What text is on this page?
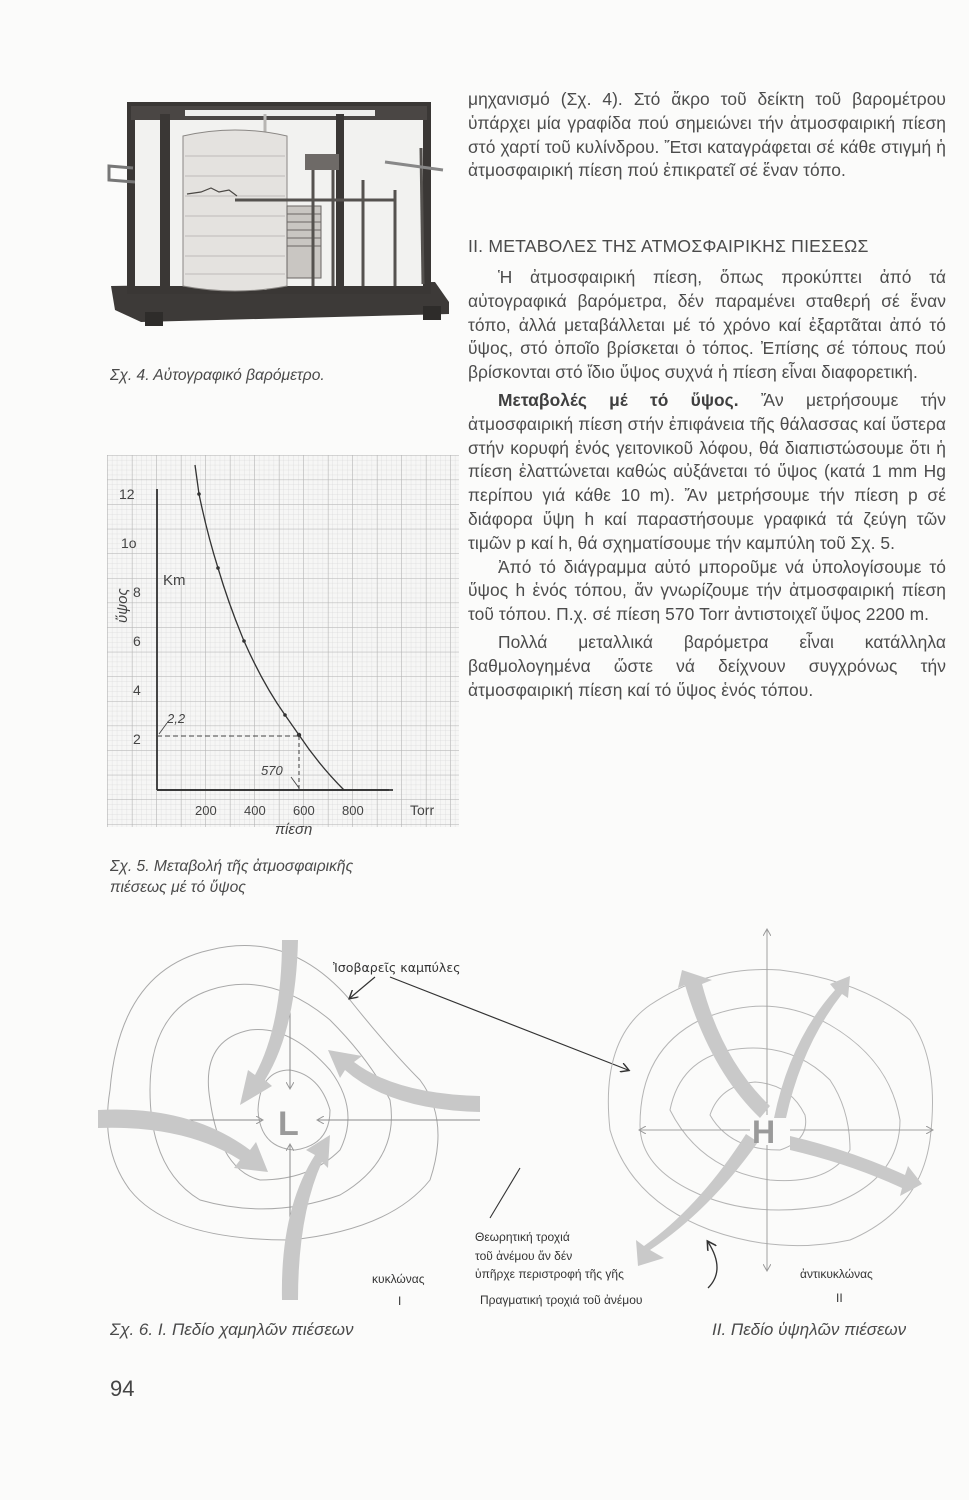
Σχ. 4. Αὐτογραφικό βαρόμετρο.
12
1o
8
6
4
2
Km
ὕψος
2,2
570
200 400 600 800	Torr
πίεση
Σχ. 5. Μεταβολή τῆς ἀτμοσφαιρικῆς
πιέσεως μέ τό ὕψος

μηχανισμό (Σχ. 4). Στό ἄκρο τοῦ δείκτη τοῦ βαρομέτρου ὑπάρχει μία γραφίδα πού σημειώνει τήν ἀτμοσφαιρική πίεση στό χαρτί τοῦ κυλίνδρου. Ἔτσι καταγράφεται σέ κάθε στιγμή ἡ ἀτμοσφαιρική πίεση πού ἐπικρατεῖ σέ ἕναν τόπο.

II. ΜΕΤΑΒΟΛΕΣ ΤΗΣ ΑΤΜΟΣΦΑΙΡΙΚΗΣ ΠΙΕΣΕΩΣ

Ἡ ἀτμοσφαιρική πίεση, ὅπως προκύπτει ἀπό τά αὐτογραφικά βαρόμετρα, δέν παραμένει σταθερή σέ ἕναν τόπο, ἀλλά μεταβάλλεται μέ τό χρόνο καί ἐξαρτᾶται ἀπό τό ὕψος, στό ὁποῖο βρίσκεται ὁ τόπος. Ἐπίσης σέ τόπους πού βρίσκονται στό ἴδιο ὕψος συχνά ἡ πίεση εἶναι διαφορετική.

Μεταβολές μέ τό ὕψος. Ἄν μετρήσουμε τήν ἀτμοσφαιρική πίεση στήν ἐπιφάνεια τῆς θάλασσας καί ὕστερα στήν κορυφή ἑνός γειτονικοῦ λόφου, θά διαπιστώσουμε ὅτι ἡ πίεση ἐλαττώνεται καθώς αὐξάνεται τό ὕψος (κατά 1 mm Hg περίπου γιά κάθε 10 m). Ἄν μετρήσουμε τήν πίεση p σέ διάφορα ὕψη h καί παραστήσουμε γραφικά τά ζεύγη τῶν τιμῶν p καί h, θά σχηματίσουμε τήν καμπύλη τοῦ Σχ. 5.

Ἀπό τό διάγραμμα αὐτό μποροῦμε νά ὑπολογίσουμε τό ὕψος h ἑνός τόπου, ἄν γνωρίζουμε τήν ἀτμοσφαιρική πίεση τοῦ τόπου. Π.χ. σέ πίεση 570 Torr ἀντιστοιχεῖ ὕψος 2200 m.

Πολλά μεταλλικά βαρόμετρα εἶναι κατάλληλα βαθμολογημένα ὥστε νά δείχνουν συγχρόνως τήν ἀτμοσφαιρική πίεση καί τό ὕψος ἑνός τόπου.

L
Ἰσοβαρεῖς καμπύλες
H
κυκλώνας
I
Θεωρητική τροχιά
τοῦ ἀνέμου ἄν δέν
ὑπῆρχε περιστροφή τῆς γῆς
Πραγματική τροχιά τοῦ ἀνέμου
ἀντικυκλώνας
II
Σχ. 6. I. Πεδίο χαμηλῶν πιέσεων	II. Πεδίο ὑψηλῶν πιέσεων
94
